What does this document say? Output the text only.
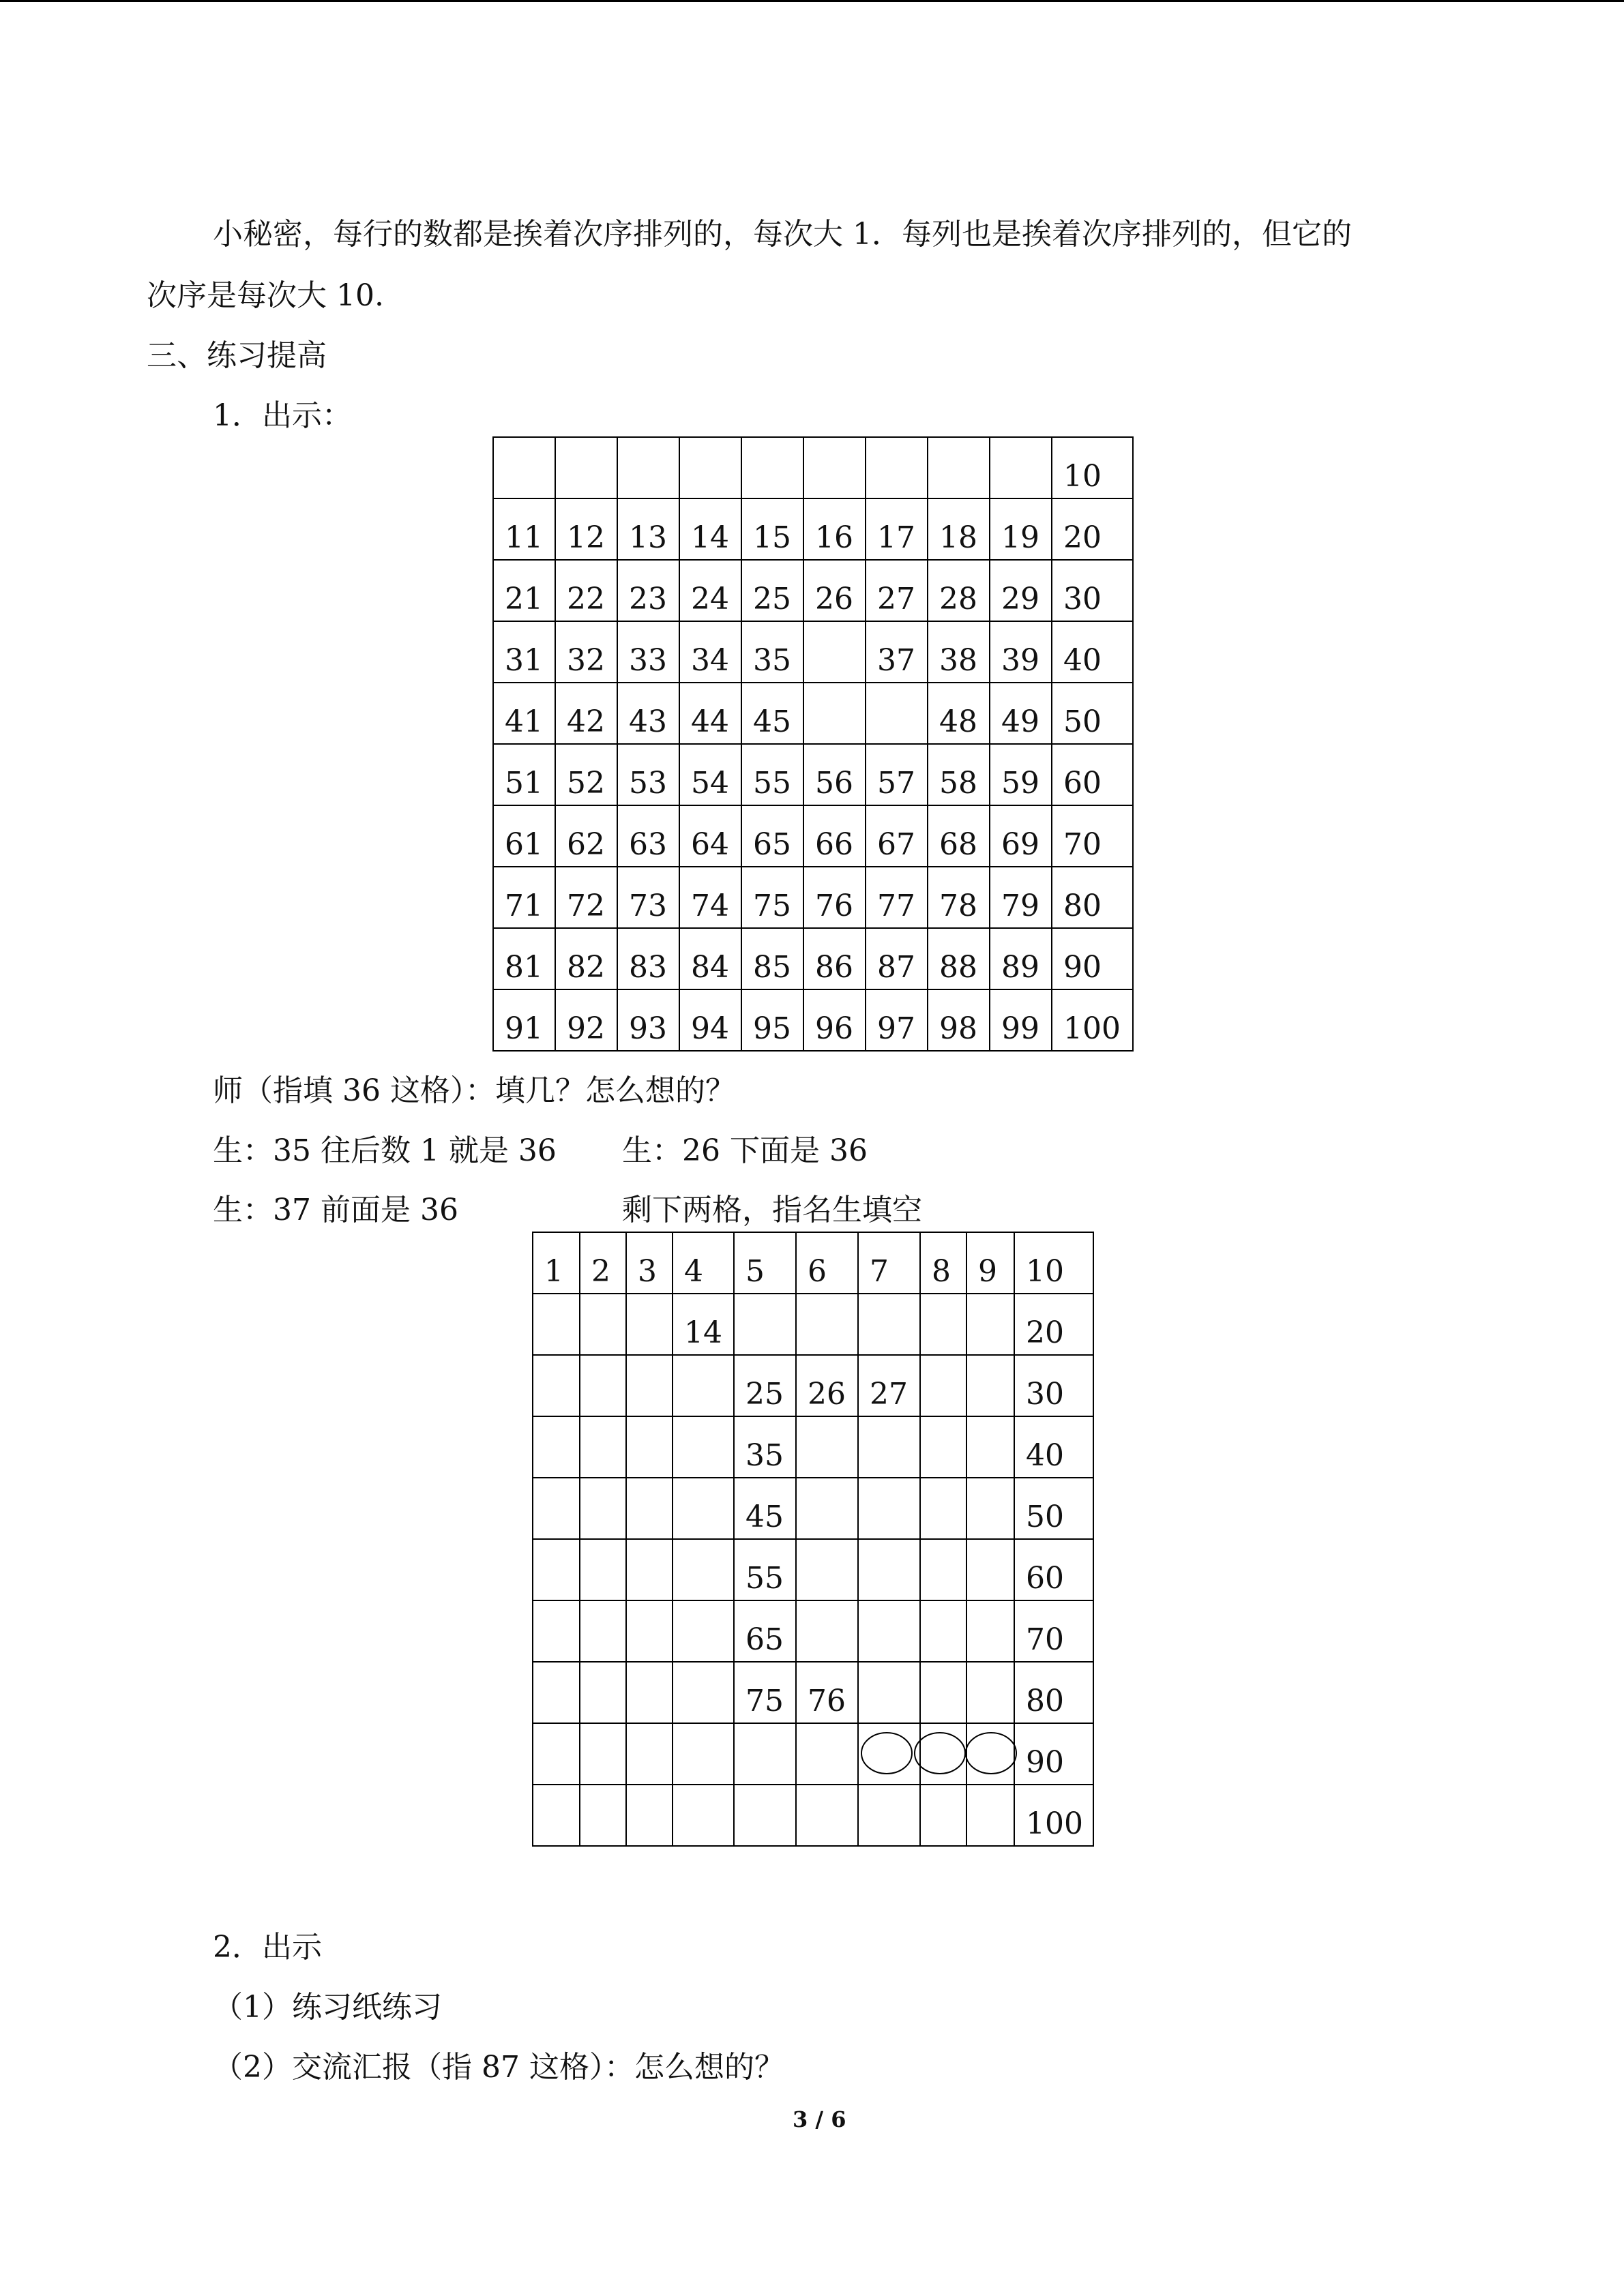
小秘密，每行的数都是挨着次序排列的，每次大 1．每列也是挨着次序排列的，但它的
次序是每次大 10.
三、练习提高
1．出示：
									10
11	12	13	14	15	16	17	18	19	20
21	22	23	24	25	26	27	28	29	30
31	32	33	34	35		37	38	39	40
41	42	43	44	45			48	49	50
51	52	53	54	55	56	57	58	59	60
61	62	63	64	65	66	67	68	69	70
71	72	73	74	75	76	77	78	79	80
81	82	83	84	85	86	87	88	89	90
91	92	93	94	95	96	97	98	99	100
师（指填 36 这格）：填几？怎么想的？
生：35 往后数 1 就是 36 生：26 下面是 36
生：37 前面是 36	剩下两格，指名生填空
1	2	3	4	5	6	7	8	9	10
			14						20
				25	26	27			30
				35					40
				45					50
				55					60
				65					70
				75	76				80
									90
									100
2．出示
（1）练习纸练习
（2）交流汇报（指 87 这格）：怎么想的？
3 / 6
